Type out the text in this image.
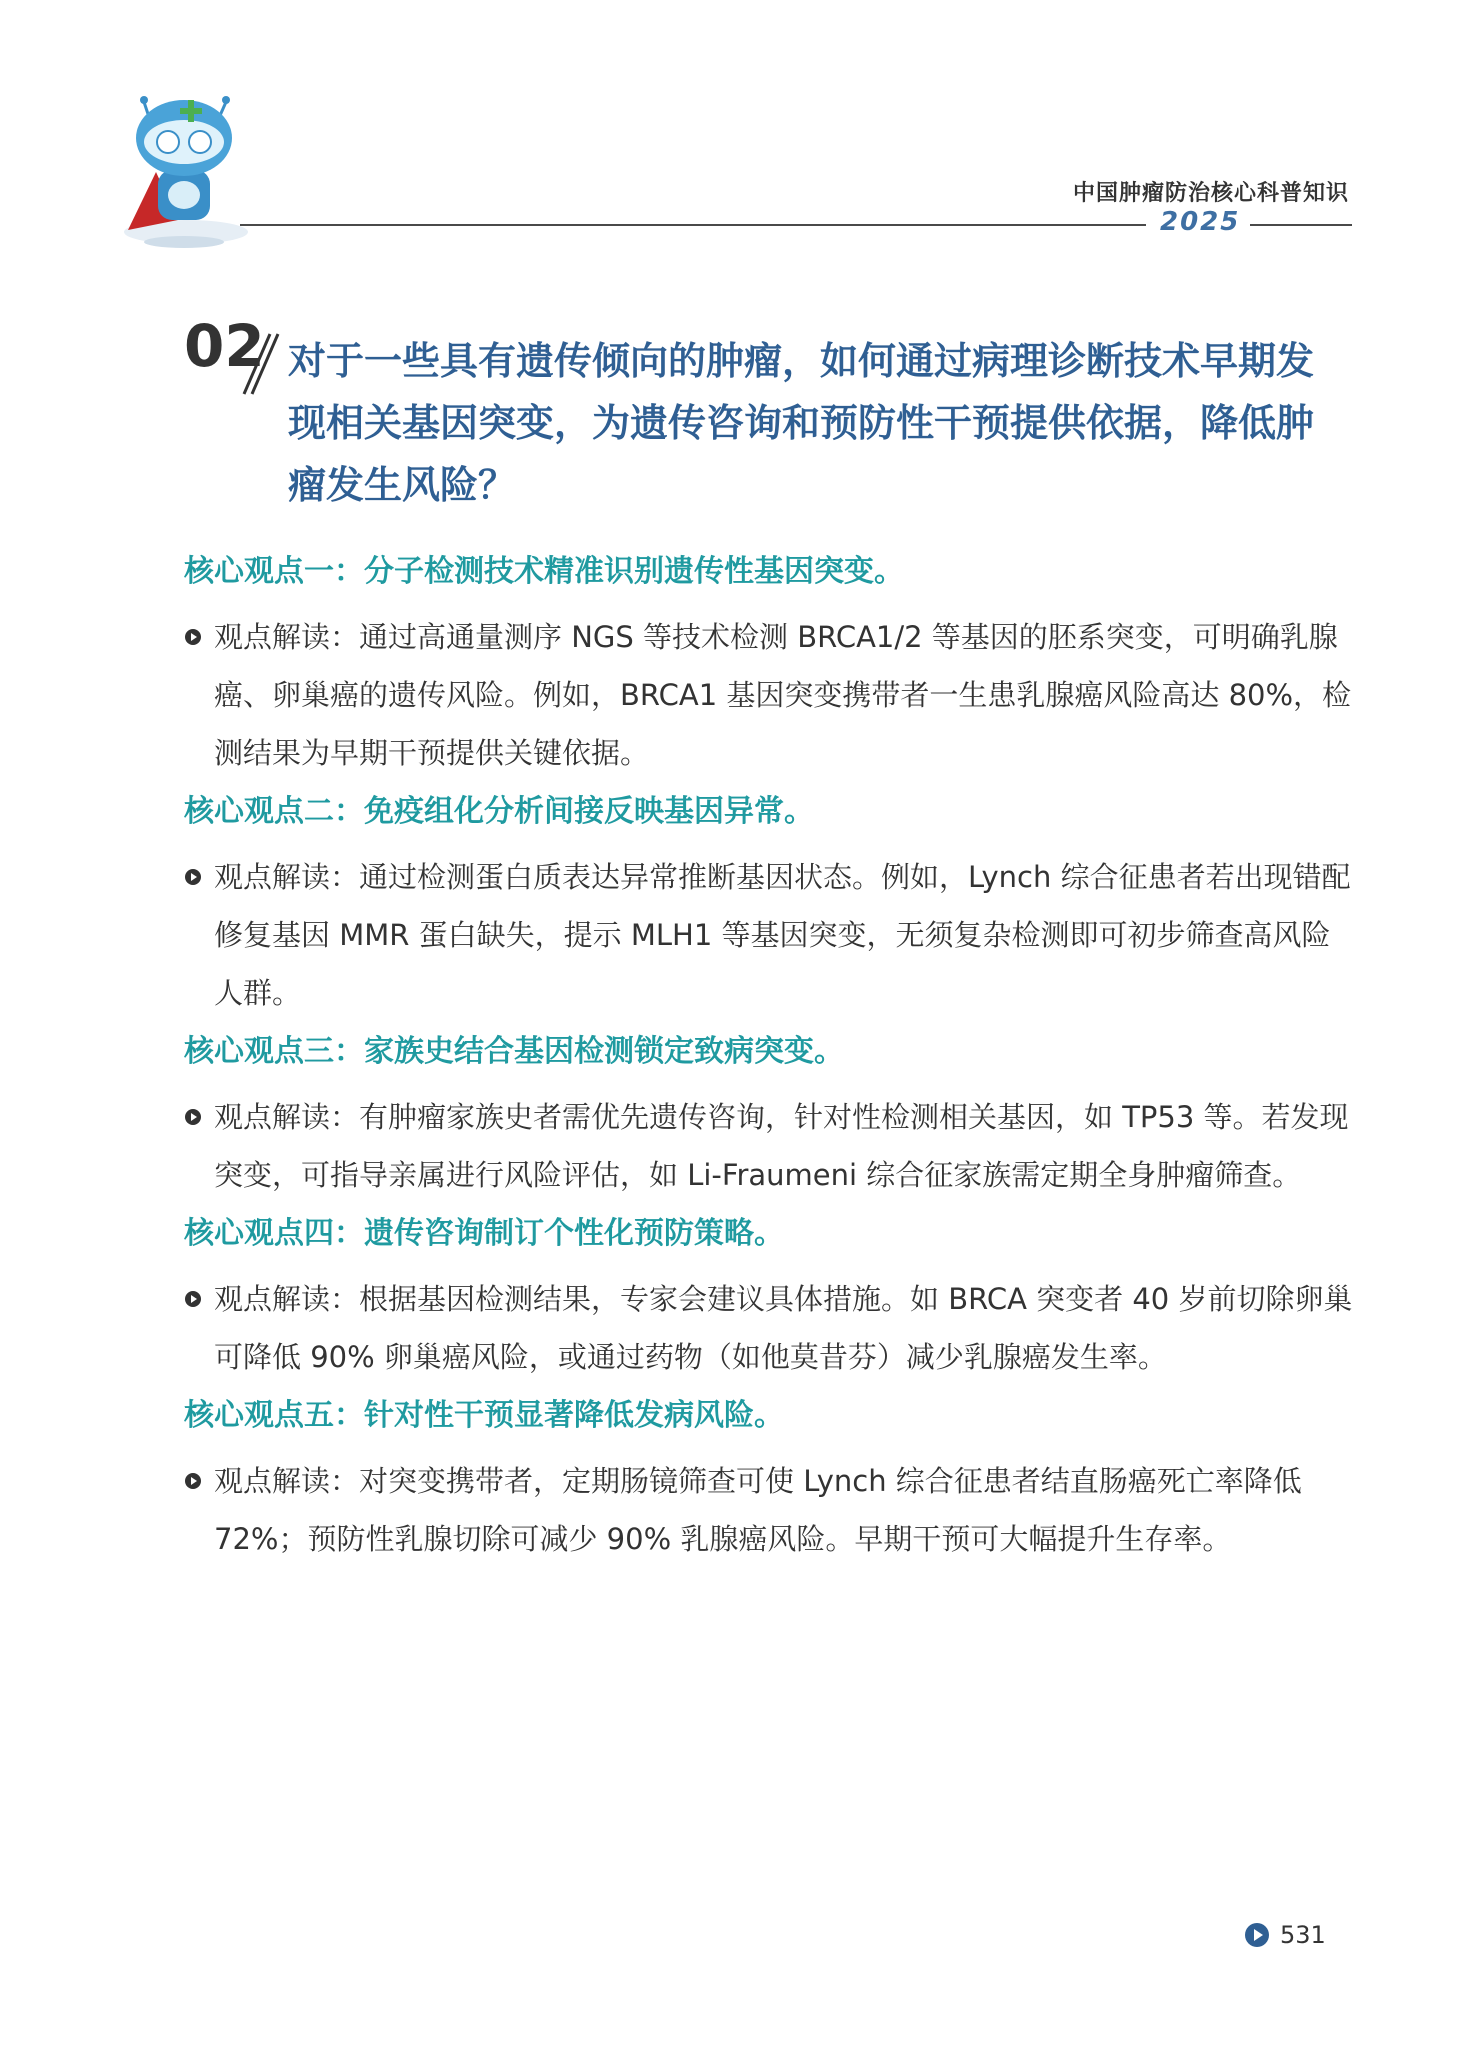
中国肿瘤防治核心科普知识
2025
02 对于一些具有遗传倾向的肿瘤，如何通过病理诊断技术早期发现相关基因突变，为遗传咨询和预防性干预提供依据，降低肿瘤发生风险？
核心观点一：分子检测技术精准识别遗传性基因突变。
观点解读：通过高通量测序 NGS 等技术检测 BRCA1/2 等基因的胚系突变，可明确乳腺癌、卵巢癌的遗传风险。例如，BRCA1 基因突变携带者一生患乳腺癌风险高达 80%，检测结果为早期干预提供关键依据。
核心观点二：免疫组化分析间接反映基因异常。
观点解读：通过检测蛋白质表达异常推断基因状态。例如，Lynch 综合征患者若出现错配修复基因 MMR 蛋白缺失，提示 MLH1 等基因突变，无须复杂检测即可初步筛查高风险人群。
核心观点三：家族史结合基因检测锁定致病突变。
观点解读：有肿瘤家族史者需优先遗传咨询，针对性检测相关基因，如 TP53 等。若发现突变，可指导亲属进行风险评估，如 Li-Fraumeni 综合征家族需定期全身肿瘤筛查。
核心观点四：遗传咨询制订个性化预防策略。
观点解读：根据基因检测结果，专家会建议具体措施。如 BRCA 突变者 40 岁前切除卵巢可降低 90% 卵巢癌风险，或通过药物（如他莫昔芬）减少乳腺癌发生率。
核心观点五：针对性干预显著降低发病风险。
观点解读：对突变携带者，定期肠镜筛查可使 Lynch 综合征患者结直肠癌死亡率降低 72%；预防性乳腺切除可减少 90% 乳腺癌风险。早期干预可大幅提升生存率。
531
